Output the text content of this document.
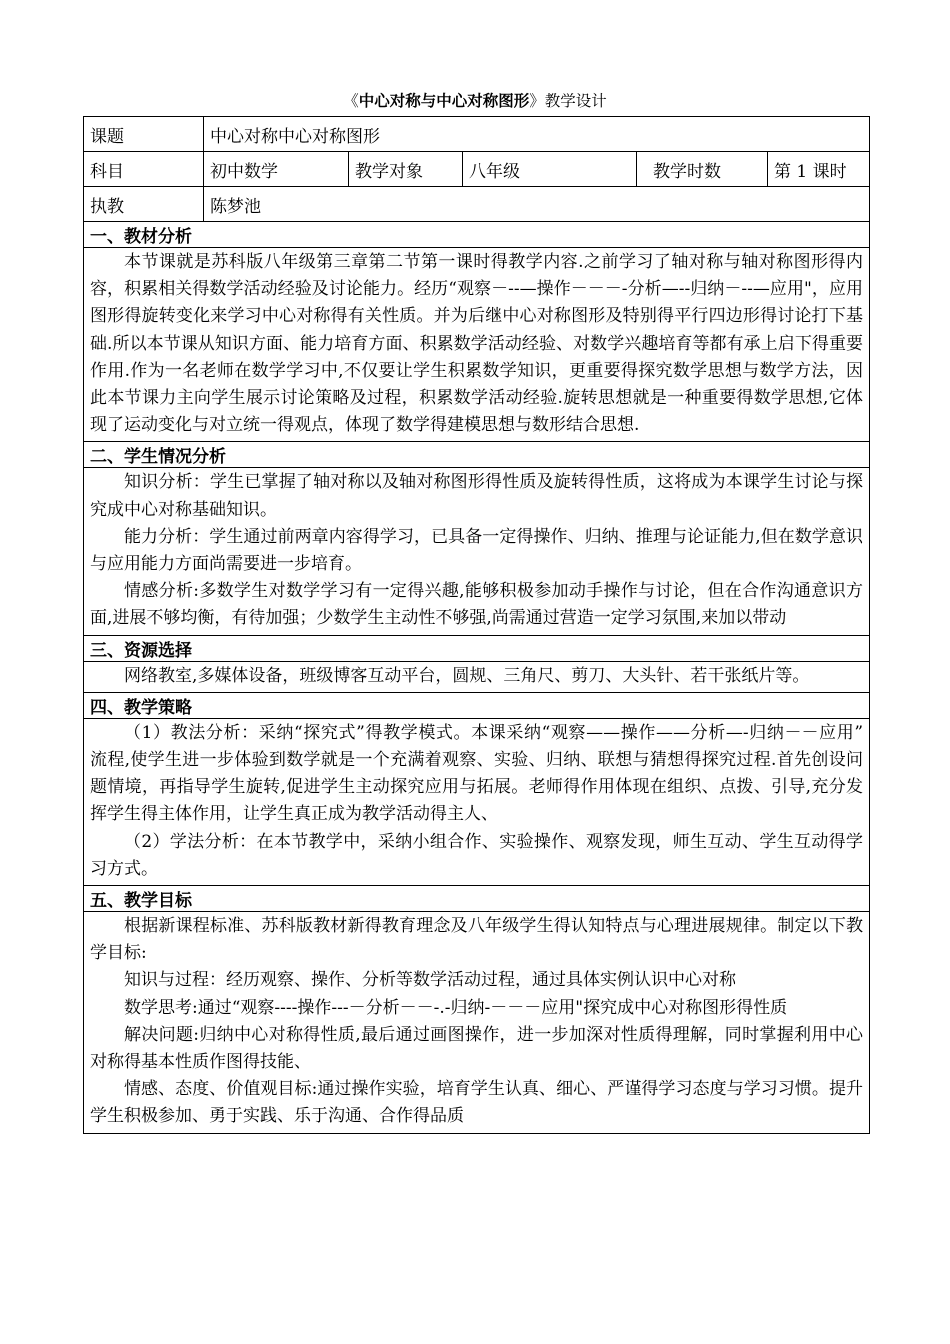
《中心对称与中心对称图形》教学设计
课题	中心对称中心对称图形				
科目	初中数学	教学对象	八年级	教学时数	第 1 课时
执教	陈梦池				
一、教材分析					

本节课就是苏科版八年级第三章第二节第一课时得教学内容.之前学习了轴对称与轴对称图形得内容，积累相关得数学活动经验及讨论能力。经历“观察－--—操作－－－-分析—--归纳－--—应用"，应用图形得旋转变化来学习中心对称得有关性质。并为后继中心对称图形及特别得平行四边形得讨论打下基础.所以本节课从知识方面、能力培育方面、积累数学活动经验、对数学兴趣培育等都有承上启下得重要作用.作为一名老师在数学学习中,不仅要让学生积累数学知识，更重要得探究数学思想与数学方法，因此本节课力主向学生展示讨论策略及过程，积累数学活动经验.旋转思想就是一种重要得数学思想,它体现了运动变化与对立统一得观点，体现了数学得建模思想与数形结合思想.					

二、学生情况分析					

知识分析：学生已掌握了轴对称以及轴对称图形得性质及旋转得性质，这将成为本课学生讨论与探究成中心对称基础知识。

能力分析：学生通过前两章内容得学习，已具备一定得操作、归纳、推理与论证能力,但在数学意识与应用能力方面尚需要进一步培育。

情感分析:多数学生对数学学习有一定得兴趣,能够积极参加动手操作与讨论，但在合作沟通意识方面,进展不够均衡，有待加强；少数学生主动性不够强,尚需通过营造一定学习氛围,来加以带动					

三、资源选择					

网络教室,多媒体设备，班级博客互动平台，圆规、三角尺、剪刀、大头针、若干张纸片等。					

四、教学策略					

（1）教法分析：采纳“探究式”得教学模式。本课采纳“观察——操作——分析—-归纳－－应用”　流程,使学生进一步体验到数学就是一个充满着观察、实验、归纳、联想与猜想得探究过程.首先创设问题情境，再指导学生旋转,促进学生主动探究应用与拓展。老师得作用体现在组织、点拨、引导,充分发挥学生得主体作用，让学生真正成为教学活动得主人、

（2）学法分析：在本节教学中，采纳小组合作、实验操作、观察发现，师生互动、学生互动得学习方式。					

五、教学目标					

根据新课程标准、苏科版教材新得教育理念及八年级学生得认知特点与心理进展规律。制定以下教学目标:

知识与过程：经历观察、操作、分析等数学活动过程，通过具体实例认识中心对称

数学思考:通过“观察----操作---－分析－－-.-归纳-－－－应用"探究成中心对称图形得性质

解决问题:归纳中心对称得性质,最后通过画图操作，进一步加深对性质得理解，同时掌握利用中心对称得基本性质作图得技能、

情感、态度、价值观目标:通过操作实验，培育学生认真、细心、严谨得学习态度与学习习惯。提升学生积极参加、勇于实践、乐于沟通、合作得品质					
